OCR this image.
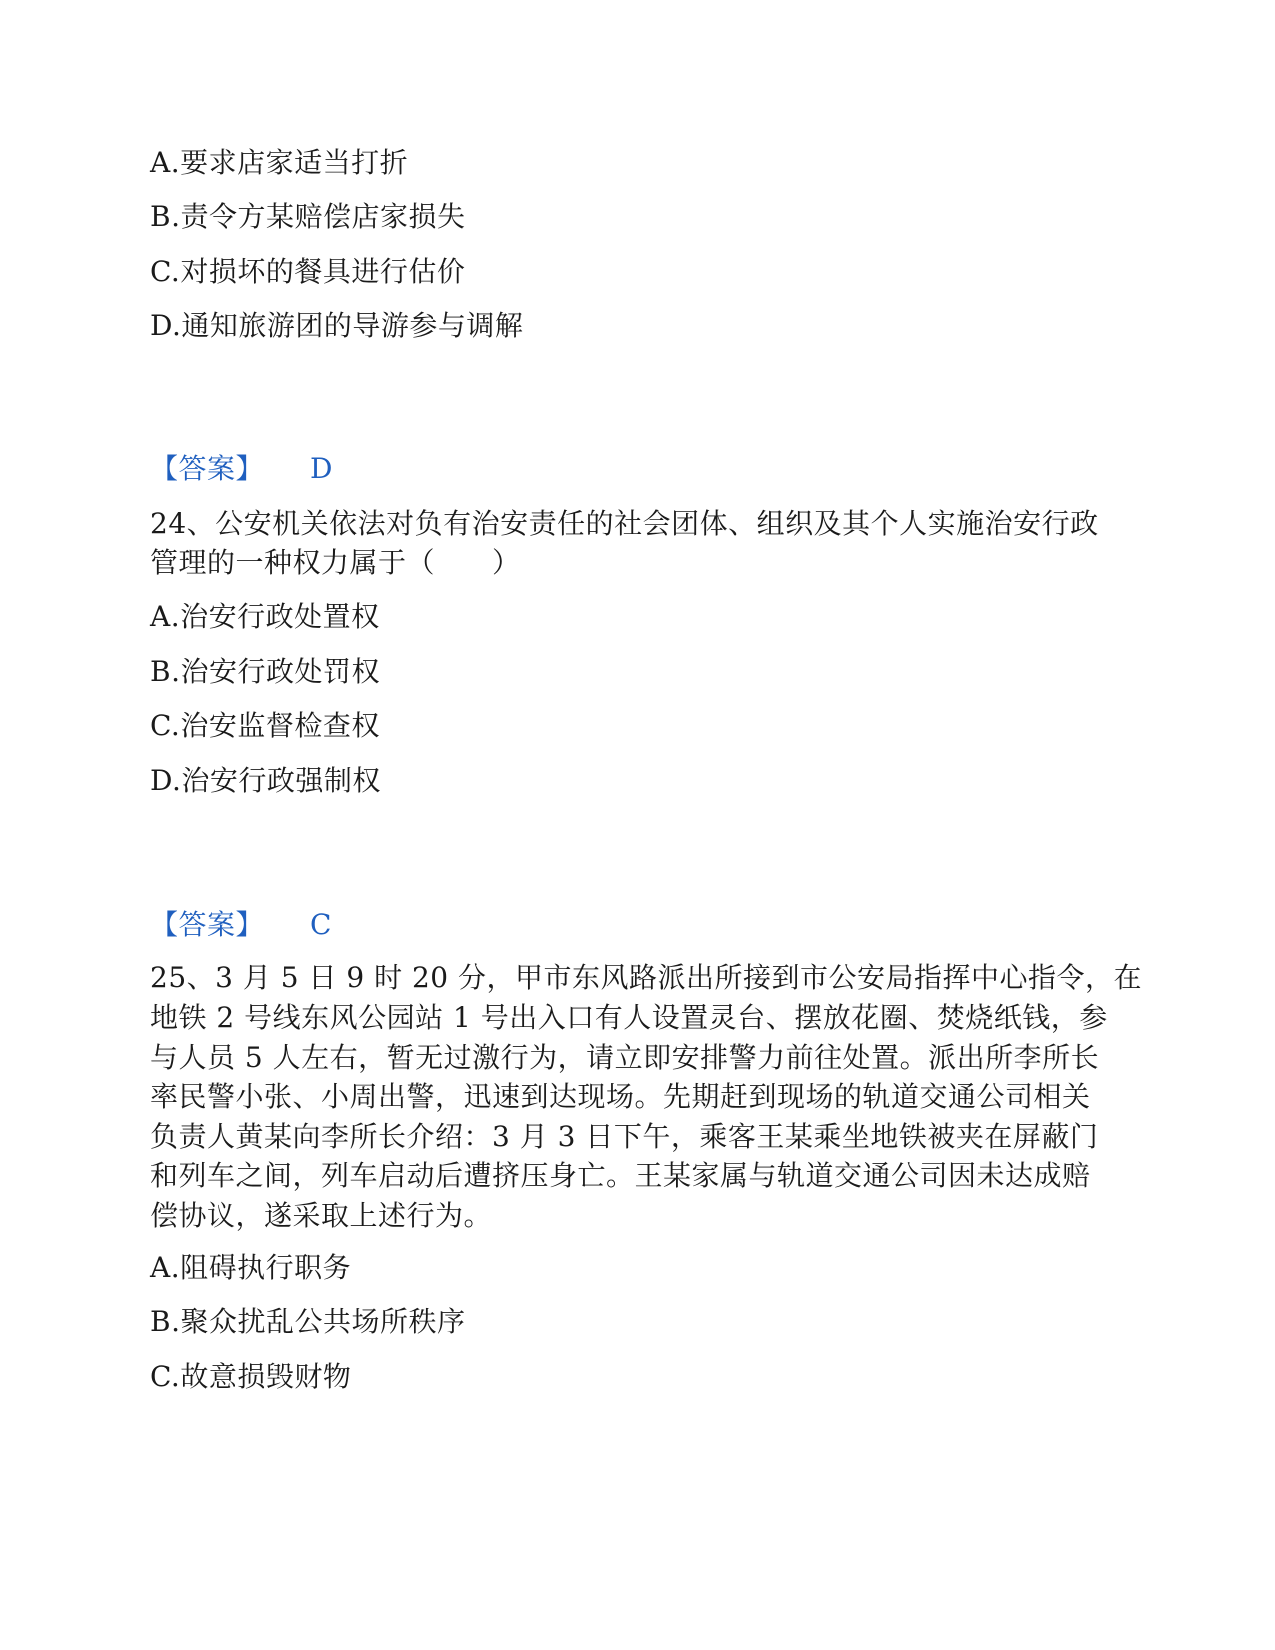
A.要求店家适当打折
B.责令方某赔偿店家损失
C.对损坏的餐具进行估价
D.通知旅游团的导游参与调解
【答案】 D
24、公安机关依法对负有治安责任的社会团体、组织及其个人实施治安行政
管理的一种权力属于（　　）
A.治安行政处置权
B.治安行政处罚权
C.治安监督检查权
D.治安行政强制权
【答案】 C
25、3 月 5 日 9 时 20 分，甲市东风路派出所接到市公安局指挥中心指令，在
地铁 2 号线东风公园站 1 号出入口有人设置灵台、摆放花圈、焚烧纸钱，参
与人员 5 人左右，暂无过激行为，请立即安排警力前往处置。派出所李所长
率民警小张、小周出警，迅速到达现场。先期赶到现场的轨道交通公司相关
负责人黄某向李所长介绍：3 月 3 日下午，乘客王某乘坐地铁被夹在屏蔽门
和列车之间，列车启动后遭挤压身亡。王某家属与轨道交通公司因未达成赔
偿协议，遂采取上述行为。
A.阻碍执行职务
B.聚众扰乱公共场所秩序
C.故意损毁财物
